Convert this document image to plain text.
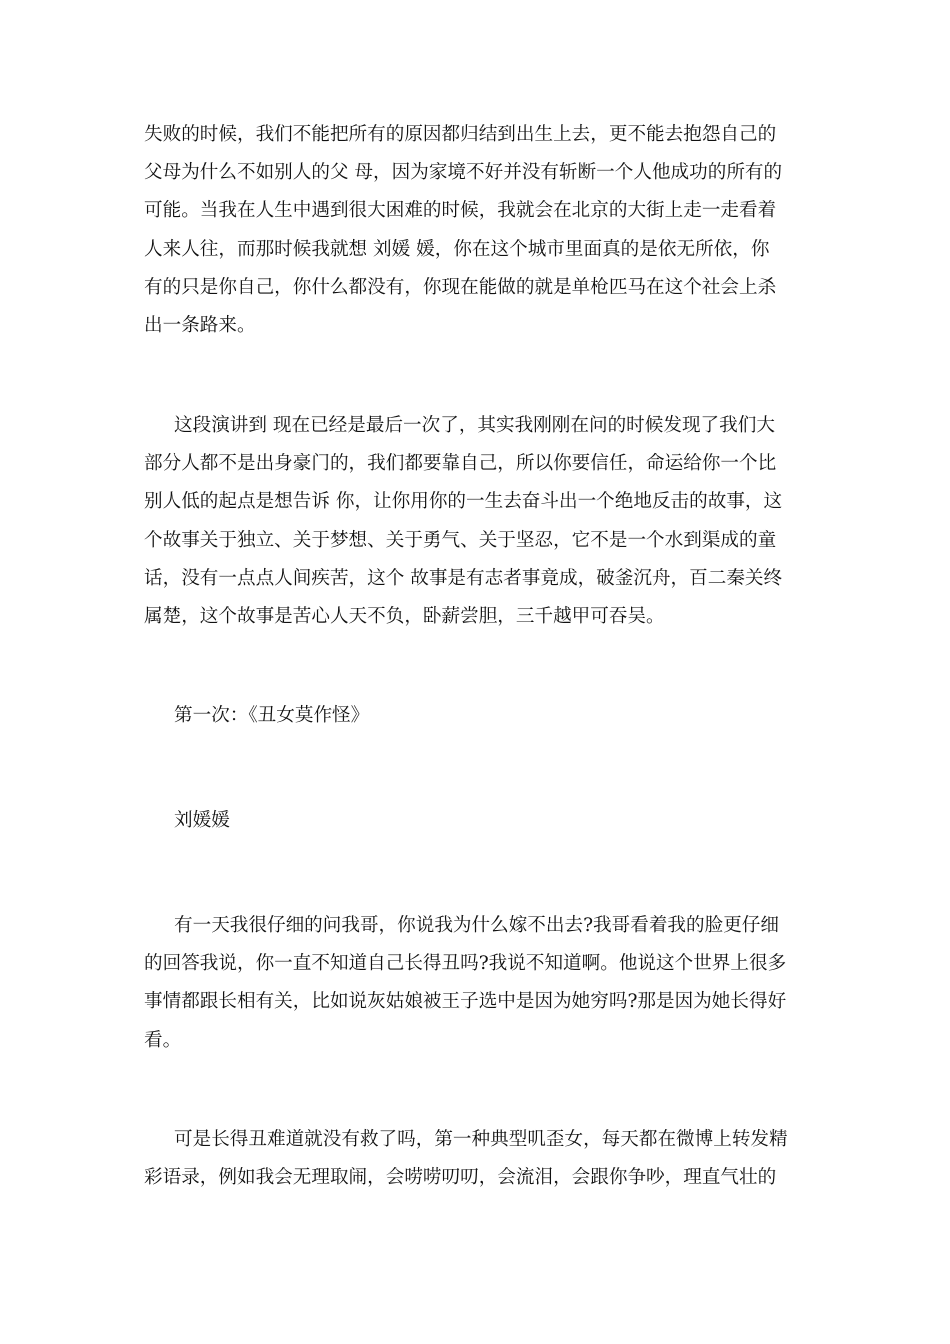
失败的时候，我们不能把所有的原因都归结到出生上去，更不能去抱怨自己的
父母为什么不如别人的父 母，因为家境不好并没有斩断一个人他成功的所有的
可能。当我在人生中遇到很大困难的时候，我就会在北京的大街上走一走看着
人来人往，而那时候我就想 刘媛 媛，你在这个城市里面真的是依无所依，你
有的只是你自己，你什么都没有，你现在能做的就是单枪匹马在这个社会上杀
出一条路来。
这段演讲到 现在已经是最后一次了，其实我刚刚在问的时候发现了我们大
部分人都不是出身豪门的，我们都要靠自己，所以你要信任，命运给你一个比
别人低的起点是想告诉 你，让你用你的一生去奋斗出一个绝地反击的故事，这
个故事关于独立、关于梦想、关于勇气、关于坚忍，它不是一个水到渠成的童
话，没有一点点人间疾苦，这个 故事是有志者事竟成，破釜沉舟，百二秦关终
属楚，这个故事是苦心人天不负，卧薪尝胆，三千越甲可吞吴。
第一次：《丑女莫作怪》
刘媛媛
有一天我很仔细的问我哥，你说我为什么嫁不出去?我哥看着我的脸更仔细
的回答我说，你一直不知道自己长得丑吗?我说不知道啊。他说这个世界上很多
事情都跟长相有关，比如说灰姑娘被王子选中是因为她穷吗?那是因为她长得好
看。
可是长得丑难道就没有救了吗，第一种典型叽歪女，每天都在微博上转发精
彩语录，例如我会无理取闹，会唠唠叨叨，会流泪，会跟你争吵，理直气壮的
